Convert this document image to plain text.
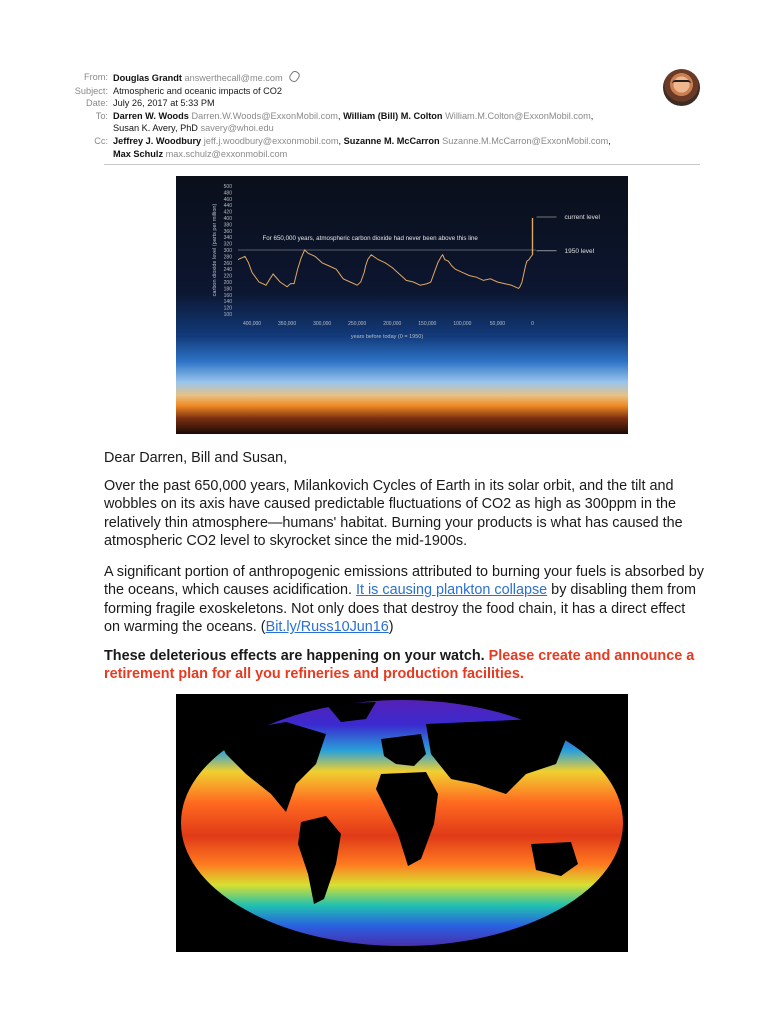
From: Douglas Grandt answerthecall@me.com
Subject: Atmospheric and oceanic impacts of CO2
Date: July 26, 2017 at 5:33 PM
To: Darren W. Woods Darren.W.Woods@ExxonMobil.com, William (Bill) M. Colton William.M.Colton@ExxonMobil.com,
Susan K. Avery, PhD savery@whoi.edu
Cc: Jeffrey J. Woodbury jeff.j.woodbury@exxonmobil.com, Suzanne M. McCarron Suzanne.M.McCarron@ExxonMobil.com,
Max Schulz max.schulz@exxonmobil.com
100
120
140
160
180
200
220
240
260
280
300
320
340
360
380
400
420
440
460
480
500
400,000	350,000	300,000	250,000	200,000	150,000	100,000	50,000	0
carbon dioxide level (parts per million)
years before today (0 = 1950)
current level
1950 level
For 650,000 years, atmospheric carbon dioxide had never been above this line

Dear Darren, Bill and Susan,

Over the past 650,000 years, Milankovich Cycles of Earth in its solar orbit, and the tilt and wobbles on its axis have caused predictable fluctuations of CO2 as high as 300ppm in the relatively thin atmosphere—humans' habitat. Burning your products is what has caused the atmospheric CO2 level to skyrocket since the mid-1900s.

A significant portion of anthropogenic emissions attributed to burning your fuels is absorbed by the oceans, which causes acidification. It is causing plankton collapse by disabling them from forming fragile exoskeletons. Not only does that destroy the food chain, it has a direct effect on warming the oceans. (Bit.ly/Russ10Jun16)

These deleterious effects are happening on your watch. Please create and announce a retirement plan for all you refineries and production facilities.
